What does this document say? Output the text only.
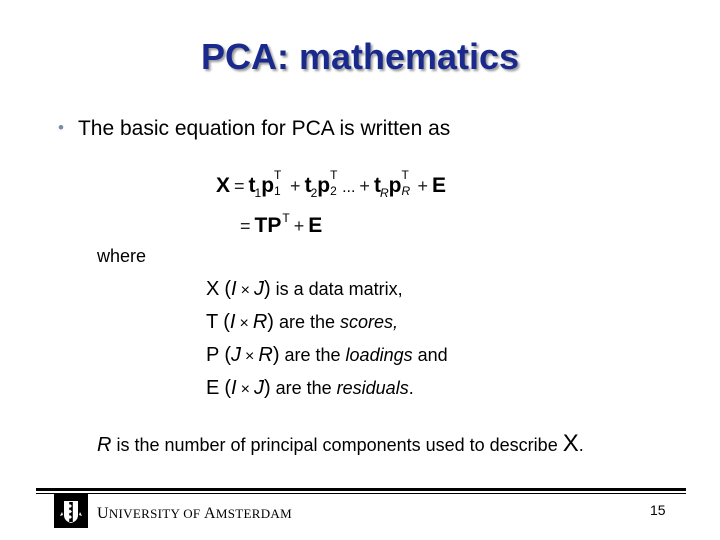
PCA: mathematics
• The basic equation for PCA is written as
$X = t_1p$ T
$1 + t_2p$ T
2 ... + $t_Rp$ T
R + E
= $TP^T + E$
where
X (I × J) is a data matrix,
T (I × R) are the scores,
P (J × R) are the loadings and
E (I × J) are the residuals.
R is the number of principal components used to describe X.
UNIVERSITY OF AMSTERDAM	15
